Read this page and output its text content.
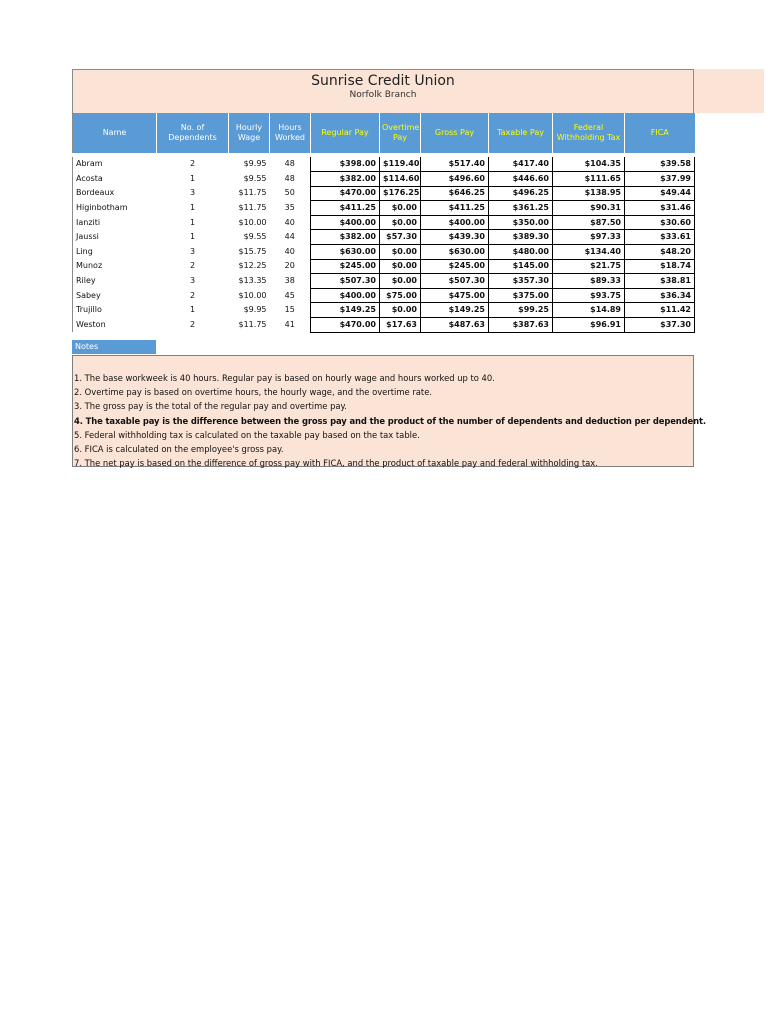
Sunrise Credit Union
Norfolk Branch
Name	No. of Dependents	Hourly Wage	Hours Worked	Regular Pay	Overtime Pay	Gross Pay	Taxable Pay	Federal Withholding Tax	FICA

Abram	2	$9.95	48	$398.00	$119.40	$517.40	$417.40	$104.35	$39.58
Acosta	1	$9.55	48	$382.00	$114.60	$496.60	$446.60	$111.65	$37.99
Bordeaux	3	$11.75	50	$470.00	$176.25	$646.25	$496.25	$138.95	$49.44
Higinbotham	1	$11.75	35	$411.25	$0.00	$411.25	$361.25	$90.31	$31.46
Ianziti	1	$10.00	40	$400.00	$0.00	$400.00	$350.00	$87.50	$30.60
Jaussi	1	$9.55	44	$382.00	$57.30	$439.30	$389.30	$97.33	$33.61
Ling	3	$15.75	40	$630.00	$0.00	$630.00	$480.00	$134.40	$48.20
Munoz	2	$12.25	20	$245.00	$0.00	$245.00	$145.00	$21.75	$18.74
Riley	3	$13.35	38	$507.30	$0.00	$507.30	$357.30	$89.33	$38.81
Sabey	2	$10.00	45	$400.00	$75.00	$475.00	$375.00	$93.75	$36.34
Trujillo	1	$9.95	15	$149.25	$0.00	$149.25	$99.25	$14.89	$11.42
Weston	2	$11.75	41	$470.00	$17.63	$487.63	$387.63	$96.91	$37.30
Notes
1. The base workweek is 40 hours. Regular pay is based on hourly wage and hours worked up to 40.
2. Overtime pay is based on overtime hours, the hourly wage, and the overtime rate.
3. The gross pay is the total of the regular pay and overtime pay.
4. The taxable pay is the difference between the gross pay and the product of the number of dependents and deduction per dependent.
5. Federal withholding tax is calculated on the taxable pay based on the tax table.
6. FICA is calculated on the employee's gross pay.
7. The net pay is based on the difference of gross pay with FICA, and the product of taxable pay and federal withholding tax.
